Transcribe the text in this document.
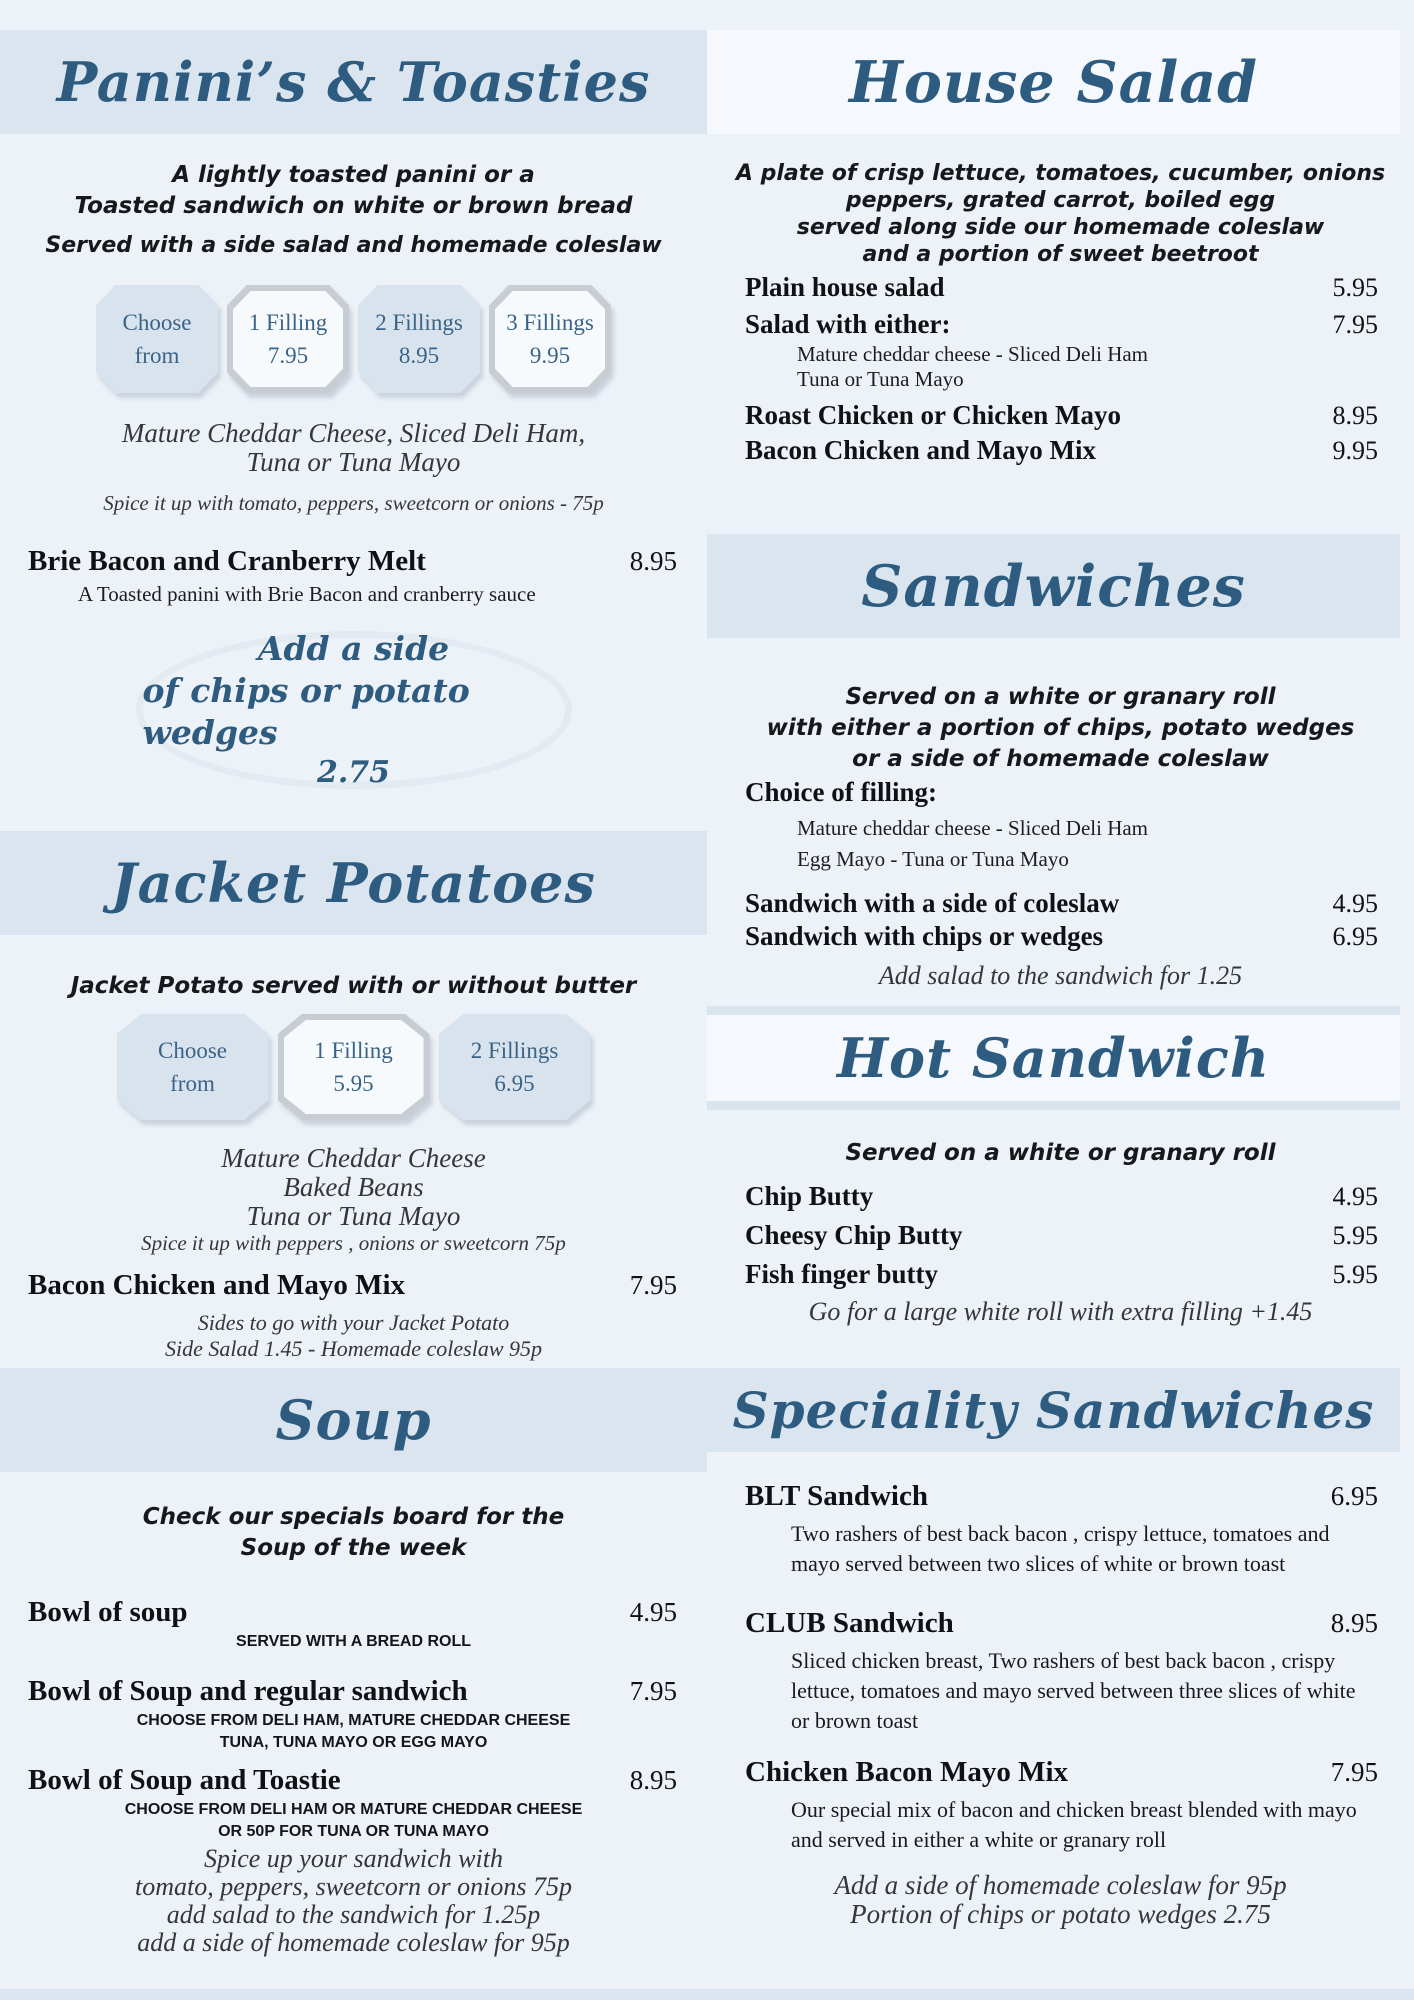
Panini’s & Toasties
A lightly toasted panini or a
Toasted sandwich on white or brown bread
Served with a side salad and homemade coleslaw
Choose
from
1 Filling
7.95
2 Fillings
8.95
3 Fillings
9.95
Mature Cheddar Cheese, Sliced Deli Ham,
Tuna or Tuna Mayo
Spice it up with tomato, peppers, sweetcorn or onions - 75p
Brie Bacon and Cranberry Melt	8.95
A Toasted panini with Brie Bacon and cranberry sauce
Add a side
of chips or potato wedges
2.75
Jacket Potatoes
Jacket Potato served with or without butter
Choose
from
1 Filling
5.95
2 Fillings
6.95
Mature Cheddar Cheese
Baked Beans
Tuna or Tuna Mayo
Spice it up with peppers , onions or sweetcorn 75p
Bacon Chicken and Mayo Mix	7.95
Sides to go with your Jacket Potato
Side Salad 1.45 - Homemade coleslaw 95p
Soup
Check our specials board for the
Soup of the week
Bowl of soup	4.95
SERVED WITH A BREAD ROLL
Bowl of Soup and regular sandwich	7.95
CHOOSE FROM DELI HAM, MATURE CHEDDAR CHEESE
TUNA, TUNA MAYO OR EGG MAYO
Bowl of Soup and Toastie	8.95
CHOOSE FROM DELI HAM OR MATURE CHEDDAR CHEESE
OR 50P FOR TUNA OR TUNA MAYO
Spice up your sandwich with
tomato, peppers, sweetcorn or onions 75p
add salad to the sandwich for 1.25p
add a side of homemade coleslaw for 95p
House Salad
A plate of crisp lettuce, tomatoes, cucumber, onions
peppers, grated carrot, boiled egg
served along side our homemade coleslaw
and a portion of sweet beetroot
Plain house salad	5.95
Salad with either:	7.95
Mature cheddar cheese - Sliced Deli Ham
Tuna or Tuna Mayo
Roast Chicken or Chicken Mayo	8.95
Bacon Chicken and Mayo Mix	9.95
Sandwiches
Served on a white or granary roll
with either a portion of chips, potato wedges
or a side of homemade coleslaw
Choice of filling:
Mature cheddar cheese - Sliced Deli Ham
Egg Mayo - Tuna or Tuna Mayo
Sandwich with a side of coleslaw	4.95
Sandwich with chips or wedges	6.95
Add salad to the sandwich for 1.25
Hot Sandwich
Served on a white or granary roll
Chip Butty	4.95
Cheesy Chip Butty	5.95
Fish finger butty	5.95
Go for a large white roll with extra filling +1.45
Speciality Sandwiches
BLT Sandwich	6.95
Two rashers of best back bacon , crispy lettuce, tomatoes and mayo served between two slices of white or brown toast
CLUB Sandwich	8.95
Sliced chicken breast, Two rashers of best back bacon , crispy lettuce, tomatoes and mayo served between three slices of white or brown toast
Chicken Bacon Mayo Mix	7.95
Our special mix of bacon and chicken breast blended with mayo and served in either a white or granary roll
Add a side of homemade coleslaw for 95p
Portion of chips or potato wedges 2.75
